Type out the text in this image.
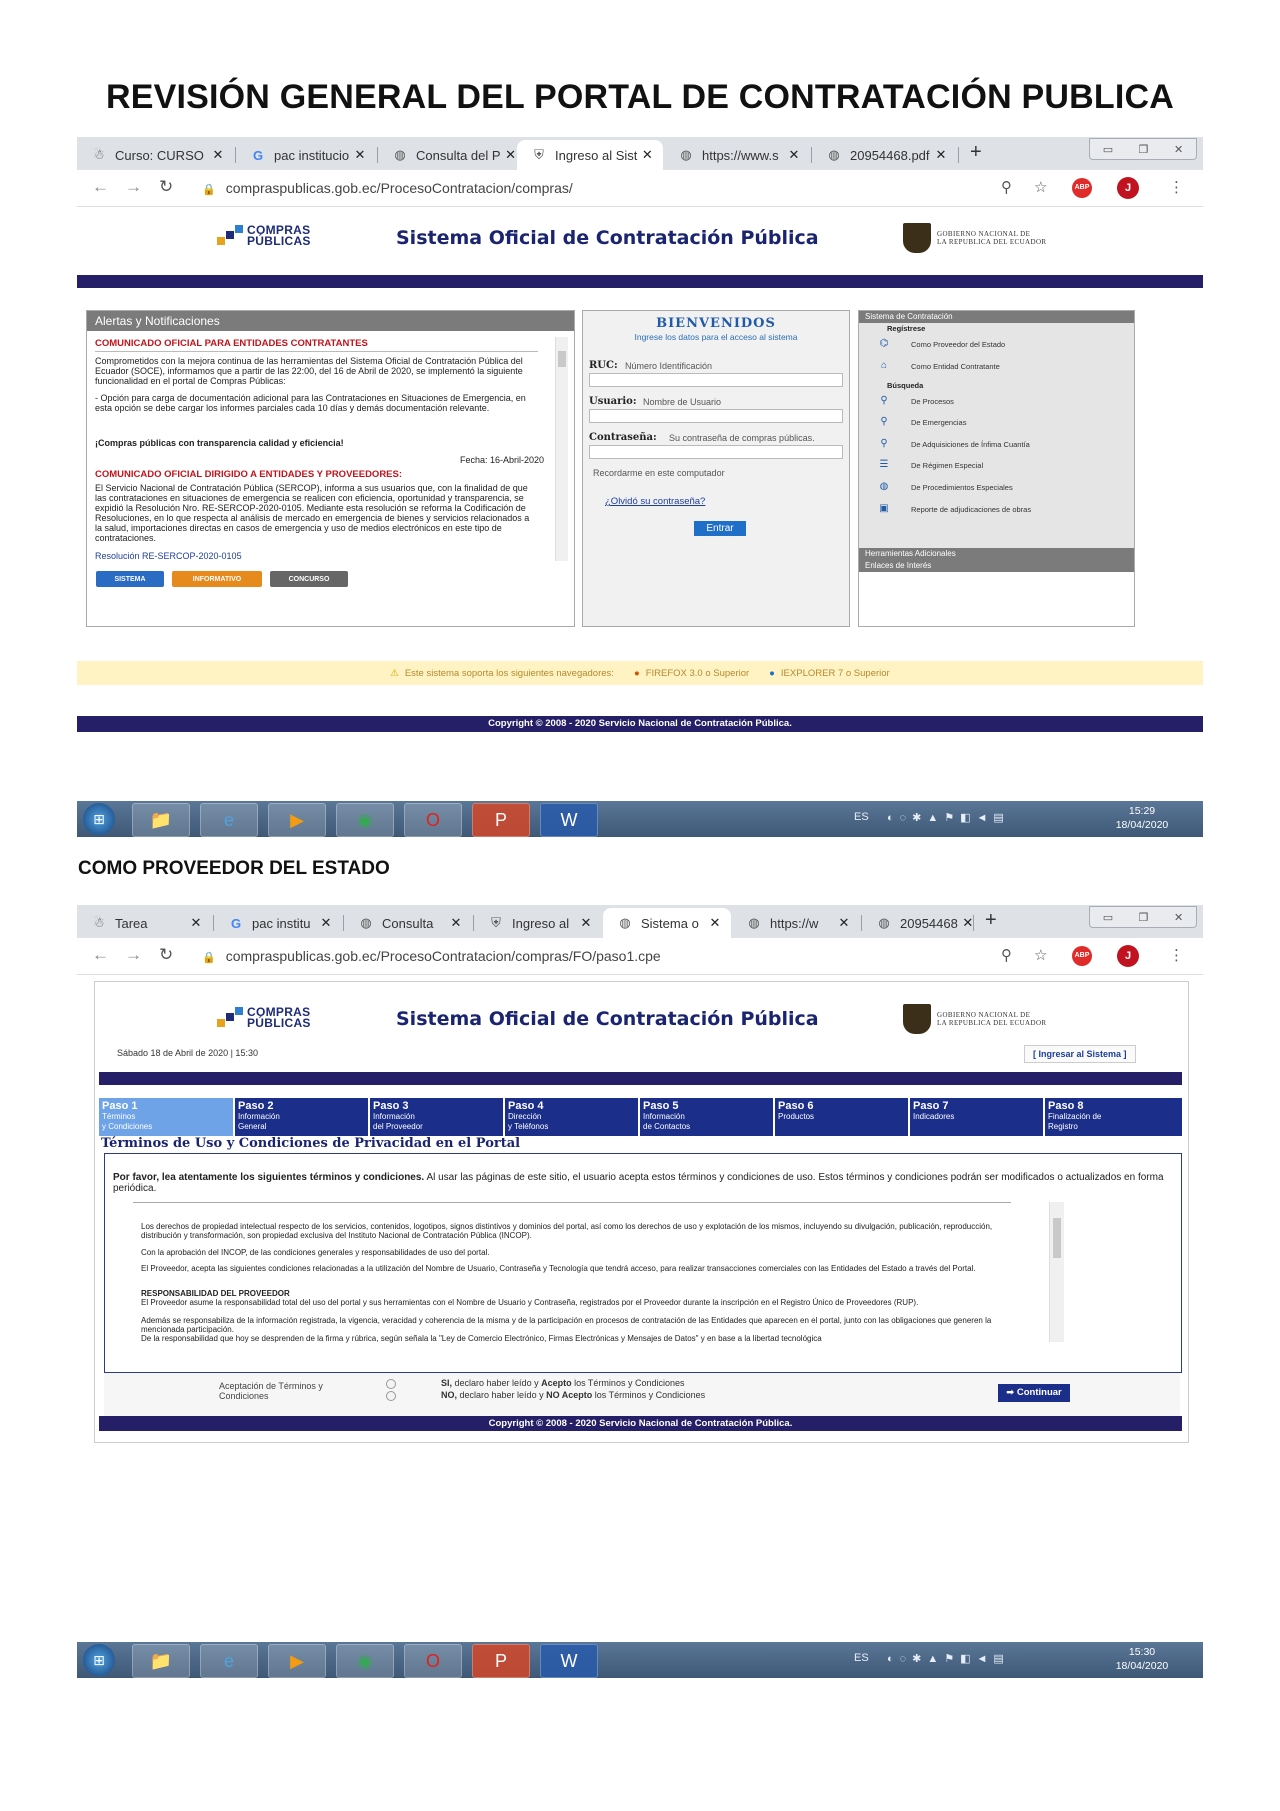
REVISIÓN GENERAL DEL PORTAL DE CONTRATACIÓN PUBLICA
☃ Curso: CURSO ✕	G pac institucio ✕	◍ Consulta del P ✕	⛨ Ingreso al Sist ✕	◍ https://www.s ✕	◍ 20954468.pdf ✕ +	▭ ❐ ✕
← → ↻	🔒 compraspublicas.gob.ec/ProcesoContratacion/compras/	⚲ ☆	ABP	J	⋮
COMPRAS
PÚBLICAS	Sistema Oficial de Contratación Pública	GOBIERNO NACIONAL DE
LA REPUBLICA DEL ECUADOR
Alertas y Notificaciones
COMUNICADO OFICIAL PARA ENTIDADES CONTRATANTES
Comprometidos con la mejora continua de las herramientas del Sistema Oficial de Contratación Pública del Ecuador (SOCE), informamos que a partir de las 22:00, del 16 de Abril de 2020, se implementó la siguiente funcionalidad en el portal de Compras Públicas:
- Opción para carga de documentación adicional para las Contrataciones en Situaciones de Emergencia, en esta opción se debe cargar los informes parciales cada 10 días y demás documentación relevante.
¡Compras públicas con transparencia calidad y eficiencia!
Fecha: 16-Abril-2020
COMUNICADO OFICIAL DIRIGIDO A ENTIDADES Y PROVEEDORES:
El Servicio Nacional de Contratación Pública (SERCOP), informa a sus usuarios que, con la finalidad de que las contrataciones en situaciones de emergencia se realicen con eficiencia, oportunidad y transparencia, se expidió la Resolución Nro. RE-SERCOP-2020-0105. Mediante esta resolución se reforma la Codificación de Resoluciones, en lo que respecta al análisis de mercado en emergencia de bienes y servicios relacionados a la salud, importaciones directas en casos de emergencia y uso de medios electrónicos en este tipo de contrataciones.
Resolución RE-SERCOP-2020-0105
SISTEMA	INFORMATIVO	CONCURSO
BIENVENIDOS
Ingrese los datos para el acceso al sistema
RUC: Número Identificación
Usuario: Nombre de Usuario
Contraseña: Su contraseña de compras públicas.
Recordarme en este computador
¿Olvidó su contraseña?
Entrar
Sistema de Contratación
Regístrese
⌬	Como Proveedor del Estado
⌂	Como Entidad Contratante
Búsqueda
⚲	De Procesos
⚲	De Emergencias
⚲	De Adquisiciones de Ínfima Cuantía
☰	De Régimen Especial
◍	De Procedimientos Especiales
▣	Reporte de adjudicaciones de obras
Herramientas Adicionales
Enlaces de Interés
⚠ Este sistema soporta los siguientes navegadores: ● FIREFOX 3.0 o Superior ● IEXPLORER 7 o Superior
Copyright © 2008 - 2020 Servicio Nacional de Contratación Pública.
⊞	📁	e	▶	◉	O	P	W	ES ◐◌✱▲⚑◧◄▤
15:29
18/04/2020
COMO PROVEEDOR DEL ESTADO
☃ Tarea	✕	G pac institu ✕	◍ Consulta	✕	⛨ Ingreso al ✕	◍ Sistema o ✕	◍ https://w	✕	◍ 20954468 ✕ +	▭ ❐ ✕
← → ↻	🔒 compraspublicas.gob.ec/ProcesoContratacion/compras/FO/paso1.cpe	⚲ ☆	ABP	J	⋮
COMPRAS
PÚBLICAS	Sistema Oficial de Contratación Pública	GOBIERNO NACIONAL DE
LA REPUBLICA DEL ECUADOR
Sábado 18 de Abril de 2020 | 15:30	[ Ingresar al Sistema ]
Paso 1
Términos
y Condiciones
Paso 2
Información
General
Paso 3
Información
del Proveedor
Paso 4
Dirección
y Teléfonos
Paso 5
Información
de Contactos
Paso 6
Productos
Paso 7
Indicadores
Paso 8
Finalización de
Registro
Términos de Uso y Condiciones de Privacidad en el Portal
Por favor, lea atentamente los siguientes términos y condiciones. Al usar las páginas de este sitio, el usuario acepta estos términos y condiciones de uso. Estos términos y condiciones podrán ser modificados o actualizados en forma periódica.
Los derechos de propiedad intelectual respecto de los servicios, contenidos, logotipos, signos distintivos y dominios del portal, así como los derechos de uso y explotación de los mismos, incluyendo su divulgación, publicación, reproducción, distribución y transformación, son propiedad exclusiva del Instituto Nacional de Contratación Pública (INCOP).
Con la aprobación del INCOP, de las condiciones generales y responsabilidades de uso del portal.
El Proveedor, acepta las siguientes condiciones relacionadas a la utilización del Nombre de Usuario, Contraseña y Tecnología que tendrá acceso, para realizar transacciones comerciales con las Entidades del Estado a través del Portal.
RESPONSABILIDAD DEL PROVEEDOR
El Proveedor asume la responsabilidad total del uso del portal y sus herramientas con el Nombre de Usuario y Contraseña, registrados por el Proveedor durante la inscripción en el Registro Único de Proveedores (RUP).
Además se responsabiliza de la información registrada, la vigencia, veracidad y coherencia de la misma y de la participación en procesos de contratación de las Entidades que aparecen en el portal, junto con las obligaciones que generen la mencionada participación.
De la responsabilidad que hoy se desprenden de la firma y rúbrica, según señala la "Ley de Comercio Electrónico, Firmas Electrónicas y Mensajes de Datos" y en base a la libertad tecnológica
Aceptación de Términos y
Condiciones
SI, declaro haber leído y Acepto los Términos y Condiciones
NO, declaro haber leído y NO Acepto los Términos y Condiciones	➡ Continuar
Copyright © 2008 - 2020 Servicio Nacional de Contratación Pública.
⊞	📁	e	▶	◉	O	P	W	ES ◐◌✱▲⚑◧◄▤
15:30
18/04/2020
